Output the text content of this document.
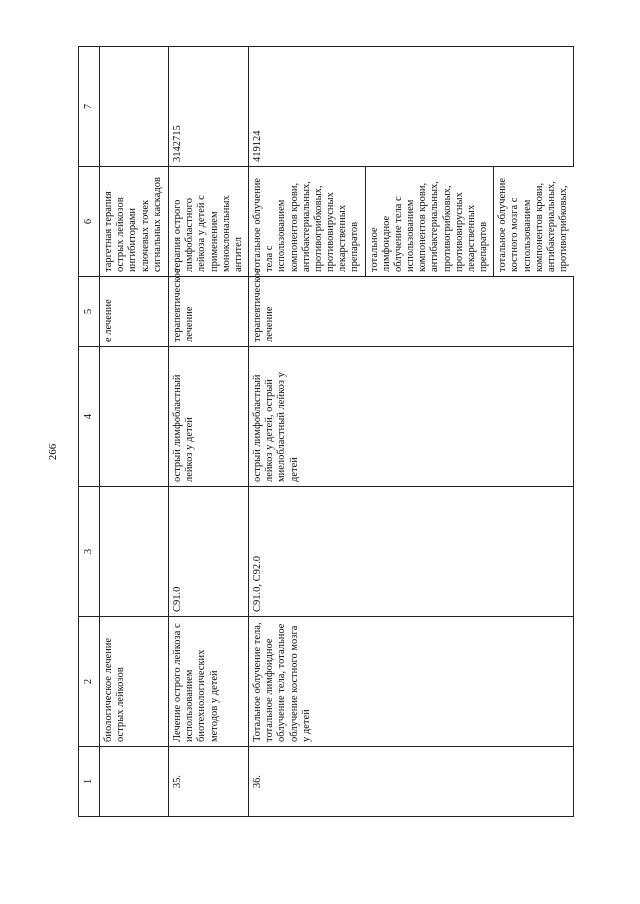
266
1	2	3	4	5	6	7
	биологическое лечение острых лейкозов			е лечение	таргетная терапия острых лейкозов ингибиторами ключевых точек сигнальных каскадов	
35.	Лечение острого лейкоза с использованием биотехнологических методов у детей	C91.0	острый лимфобластный лейкоз у детей	терапевтическое лечение	терапия острого лимфобластного лейкоза у детей с применением моноклональных антител	3142715
36.	Тотальное облучение тела, тотальное лимфоидное облучение тела, тотальное облучение костного мозга у детей	C91.0, C92.0	острый лимфобластный лейкоз у детей, острый миелобластный лейкоз у детей	терапевтическое лечение	тотальное облучение тела с использованием компонентов крови, антибактериальных, противогрибковых, противовирусных лекарственных препаратов тотальное лимфоидное облучение тела с использованием компонентов крови, антибактериальных, противогрибковых, противовирусных лекарственных препаратов тотальное облучение костного мозга с использованием компонентов крови, антибактериальных, противогрибковых,	419124
